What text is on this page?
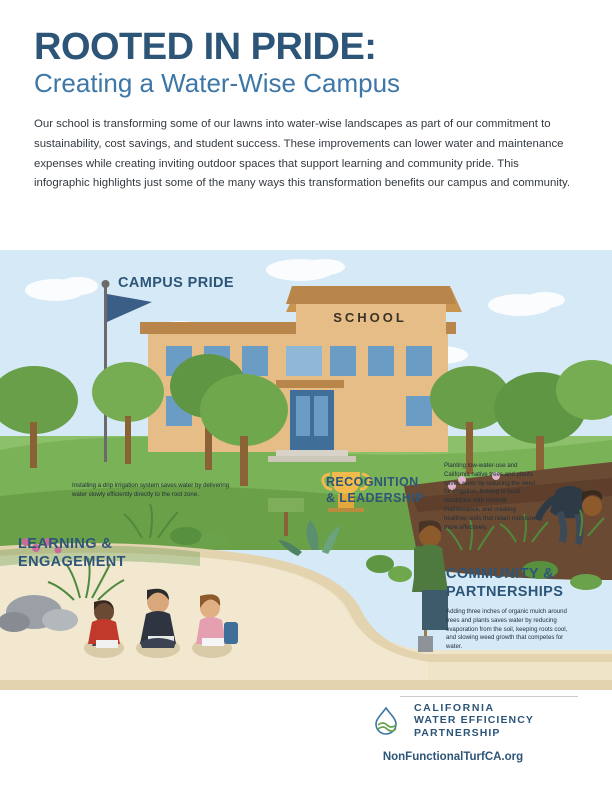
ROOTED IN PRIDE:
Creating a Water-Wise Campus

Our school is transforming some of our lawns into water-wise landscapes as part of our commitment to sustainability, cost savings, and student success. These improvements can lower water and maintenance expenses while creating inviting outdoor spaces that support learning and community pride. This infographic highlights just some of the many ways this transformation benefits our campus and community.

SCHOOL
CAMPUS PRIDE
RECOGNITION
& LEADERSHIP
LEARNING &
ENGAGEMENT
COMMUNITY &
PARTNERSHIPS
Installing a drip irrigation system saves water by delivering water slowly efficiently directly to the root zone.
Planting low-water-use and California native trees and plants saves water by reducing the need for irrigation, thriving in local conditions with minimal maintenance, and creating healthier soils that retain moisture more effectively.
Adding three inches of organic mulch around trees and plants saves water by reducing evaporation from the soil, keeping roots cool, and slowing weed growth that competes for water.
CALIFORNIA
WATER EFFICIENCY
PARTNERSHIP
NonFunctionalTurfCA.org
